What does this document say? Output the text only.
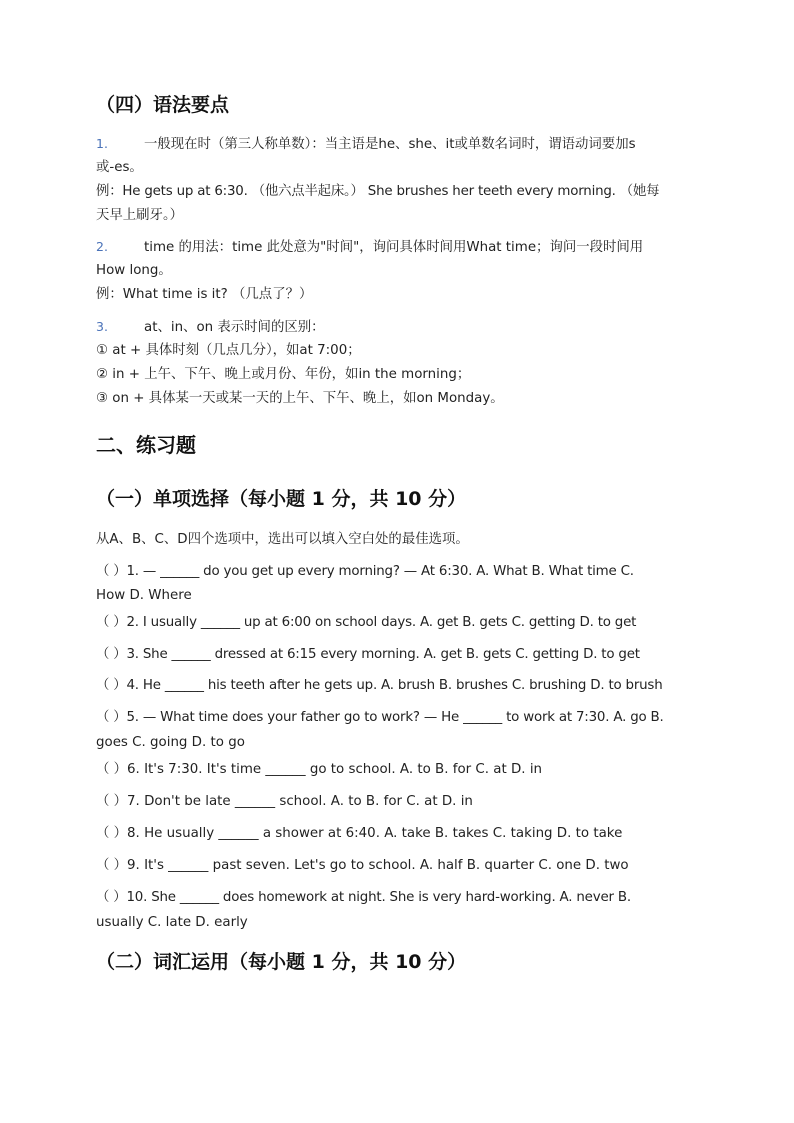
（四）语法要点
1.	一般现在时（第三人称单数）：当主语是he、she、it或单数名词时，谓语动词要加s
或-es。
例：He gets up at 6:30. （他六点半起床。） She brushes her teeth every morning. （她每
天早上刷牙。）
2.	time 的用法：time 此处意为"时间"，询问具体时间用What time；询问一段时间用
How long。
例：What time is it? （几点了？）
3.	at、in、on 表示时间的区别：
① at + 具体时刻（几点几分），如at 7:00；
② in + 上午、下午、晚上或月份、年份，如in the morning；
③ on + 具体某一天或某一天的上午、下午、晚上，如on Monday。
二、练习题
（一）单项选择（每小题 1 分，共 10 分）
从A、B、C、D四个选项中，选出可以填入空白处的最佳选项。
（ ）1. — ______ do you get up every morning? — At 6:30. A. What B. What time C.
How D. Where
（ ）2. I usually ______ up at 6:00 on school days. A. get B. gets C. getting D. to get
（ ）3. She ______ dressed at 6:15 every morning. A. get B. gets C. getting D. to get
（ ）4. He ______ his teeth after he gets up. A. brush B. brushes C. brushing D. to brush
（ ）5. — What time does your father go to work? — He ______ to work at 7:30. A. go B.
goes C. going D. to go
（ ）6. It's 7:30. It's time ______ go to school. A. to B. for C. at D. in
（ ）7. Don't be late ______ school. A. to B. for C. at D. in
（ ）8. He usually ______ a shower at 6:40. A. take B. takes C. taking D. to take
（ ）9. It's ______ past seven. Let's go to school. A. half B. quarter C. one D. two
（ ）10. She ______ does homework at night. She is very hard-working. A. never B.
usually C. late D. early
（二）词汇运用（每小题 1 分，共 10 分）
